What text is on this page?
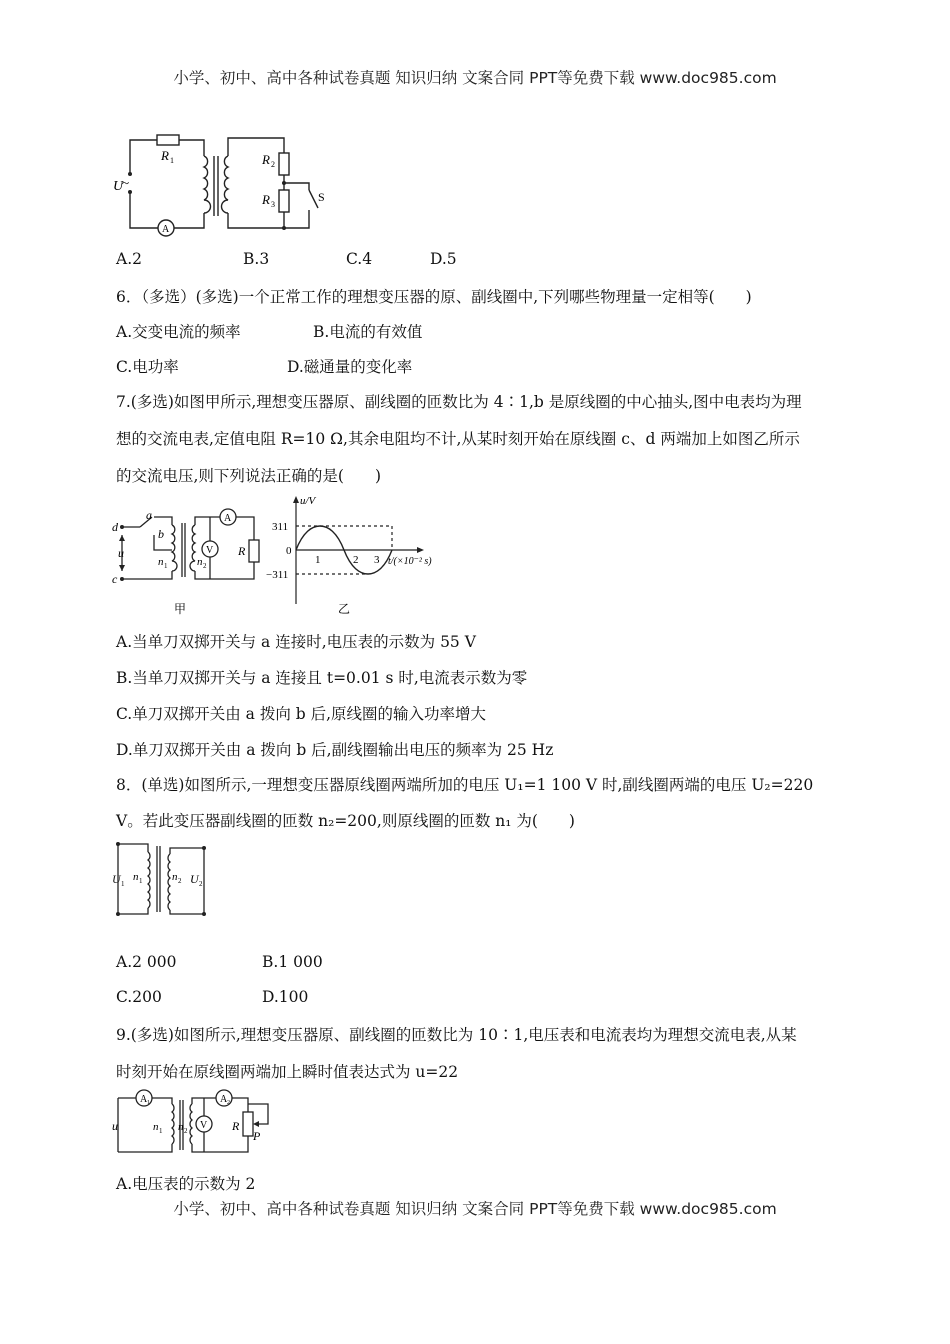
小学、初中、高中各种试卷真题 知识归纳 文案合同 PPT等免费下载 www.doc985.com
R 1	R 2
R 3
U
~
A
S
A.2	B.3	C.4	D.5
6．（多选）(多选)一个正常工作的理想变压器的原、副线圈中,下列哪些物理量一定相等(　　)
A.交变电流的频率	B.电流的有效值
C.电功率	D.磁通量的变化率
7.(多选)如图甲所示,理想变压器原、副线圈的匝数比为 4∶1,b 是原线圈的中心抽头,图中电表均为理
想的交流电表,定值电阻 R=10 Ω,其余电阻均不计,从某时刻开始在原线圈 c、d 两端加上如图乙所示
的交流电压,则下列说法正确的是(　　)
d
a
b
u
c
n 1	n 2
V
A
R
甲
u/V
311
0
−311
1	2 3 t/(×10⁻² s)
乙
A.当单刀双掷开关与 a 连接时,电压表的示数为 55 V
B.当单刀双掷开关与 a 连接且 t=0.01 s 时,电流表示数为零
C.单刀双掷开关由 a 拨向 b 后,原线圈的输入功率增大
D.单刀双掷开关由 a 拨向 b 后,副线圈输出电压的频率为 25 Hz
8．(单选)如图所示,一理想变压器原线圈两端所加的电压 U₁=1 100 V 时,副线圈两端的电压 U₂=220
V。若此变压器副线圈的匝数 n₂=200,则原线圈的匝数 n₁ 为(　　)
U 1
n 1	n 2 U 2
A.2 000	B.1 000
C.200	D.100
9.(多选)如图所示,理想变压器原、副线圈的匝数比为 10∶1,电压表和电流表均为理想交流电表,从某
时刻开始在原线圈两端加上瞬时值表达式为 u=22
u
A 1	A 2
n 1 n 2 V R
P
A.电压表的示数为 2
小学、初中、高中各种试卷真题 知识归纳 文案合同 PPT等免费下载 www.doc985.com
